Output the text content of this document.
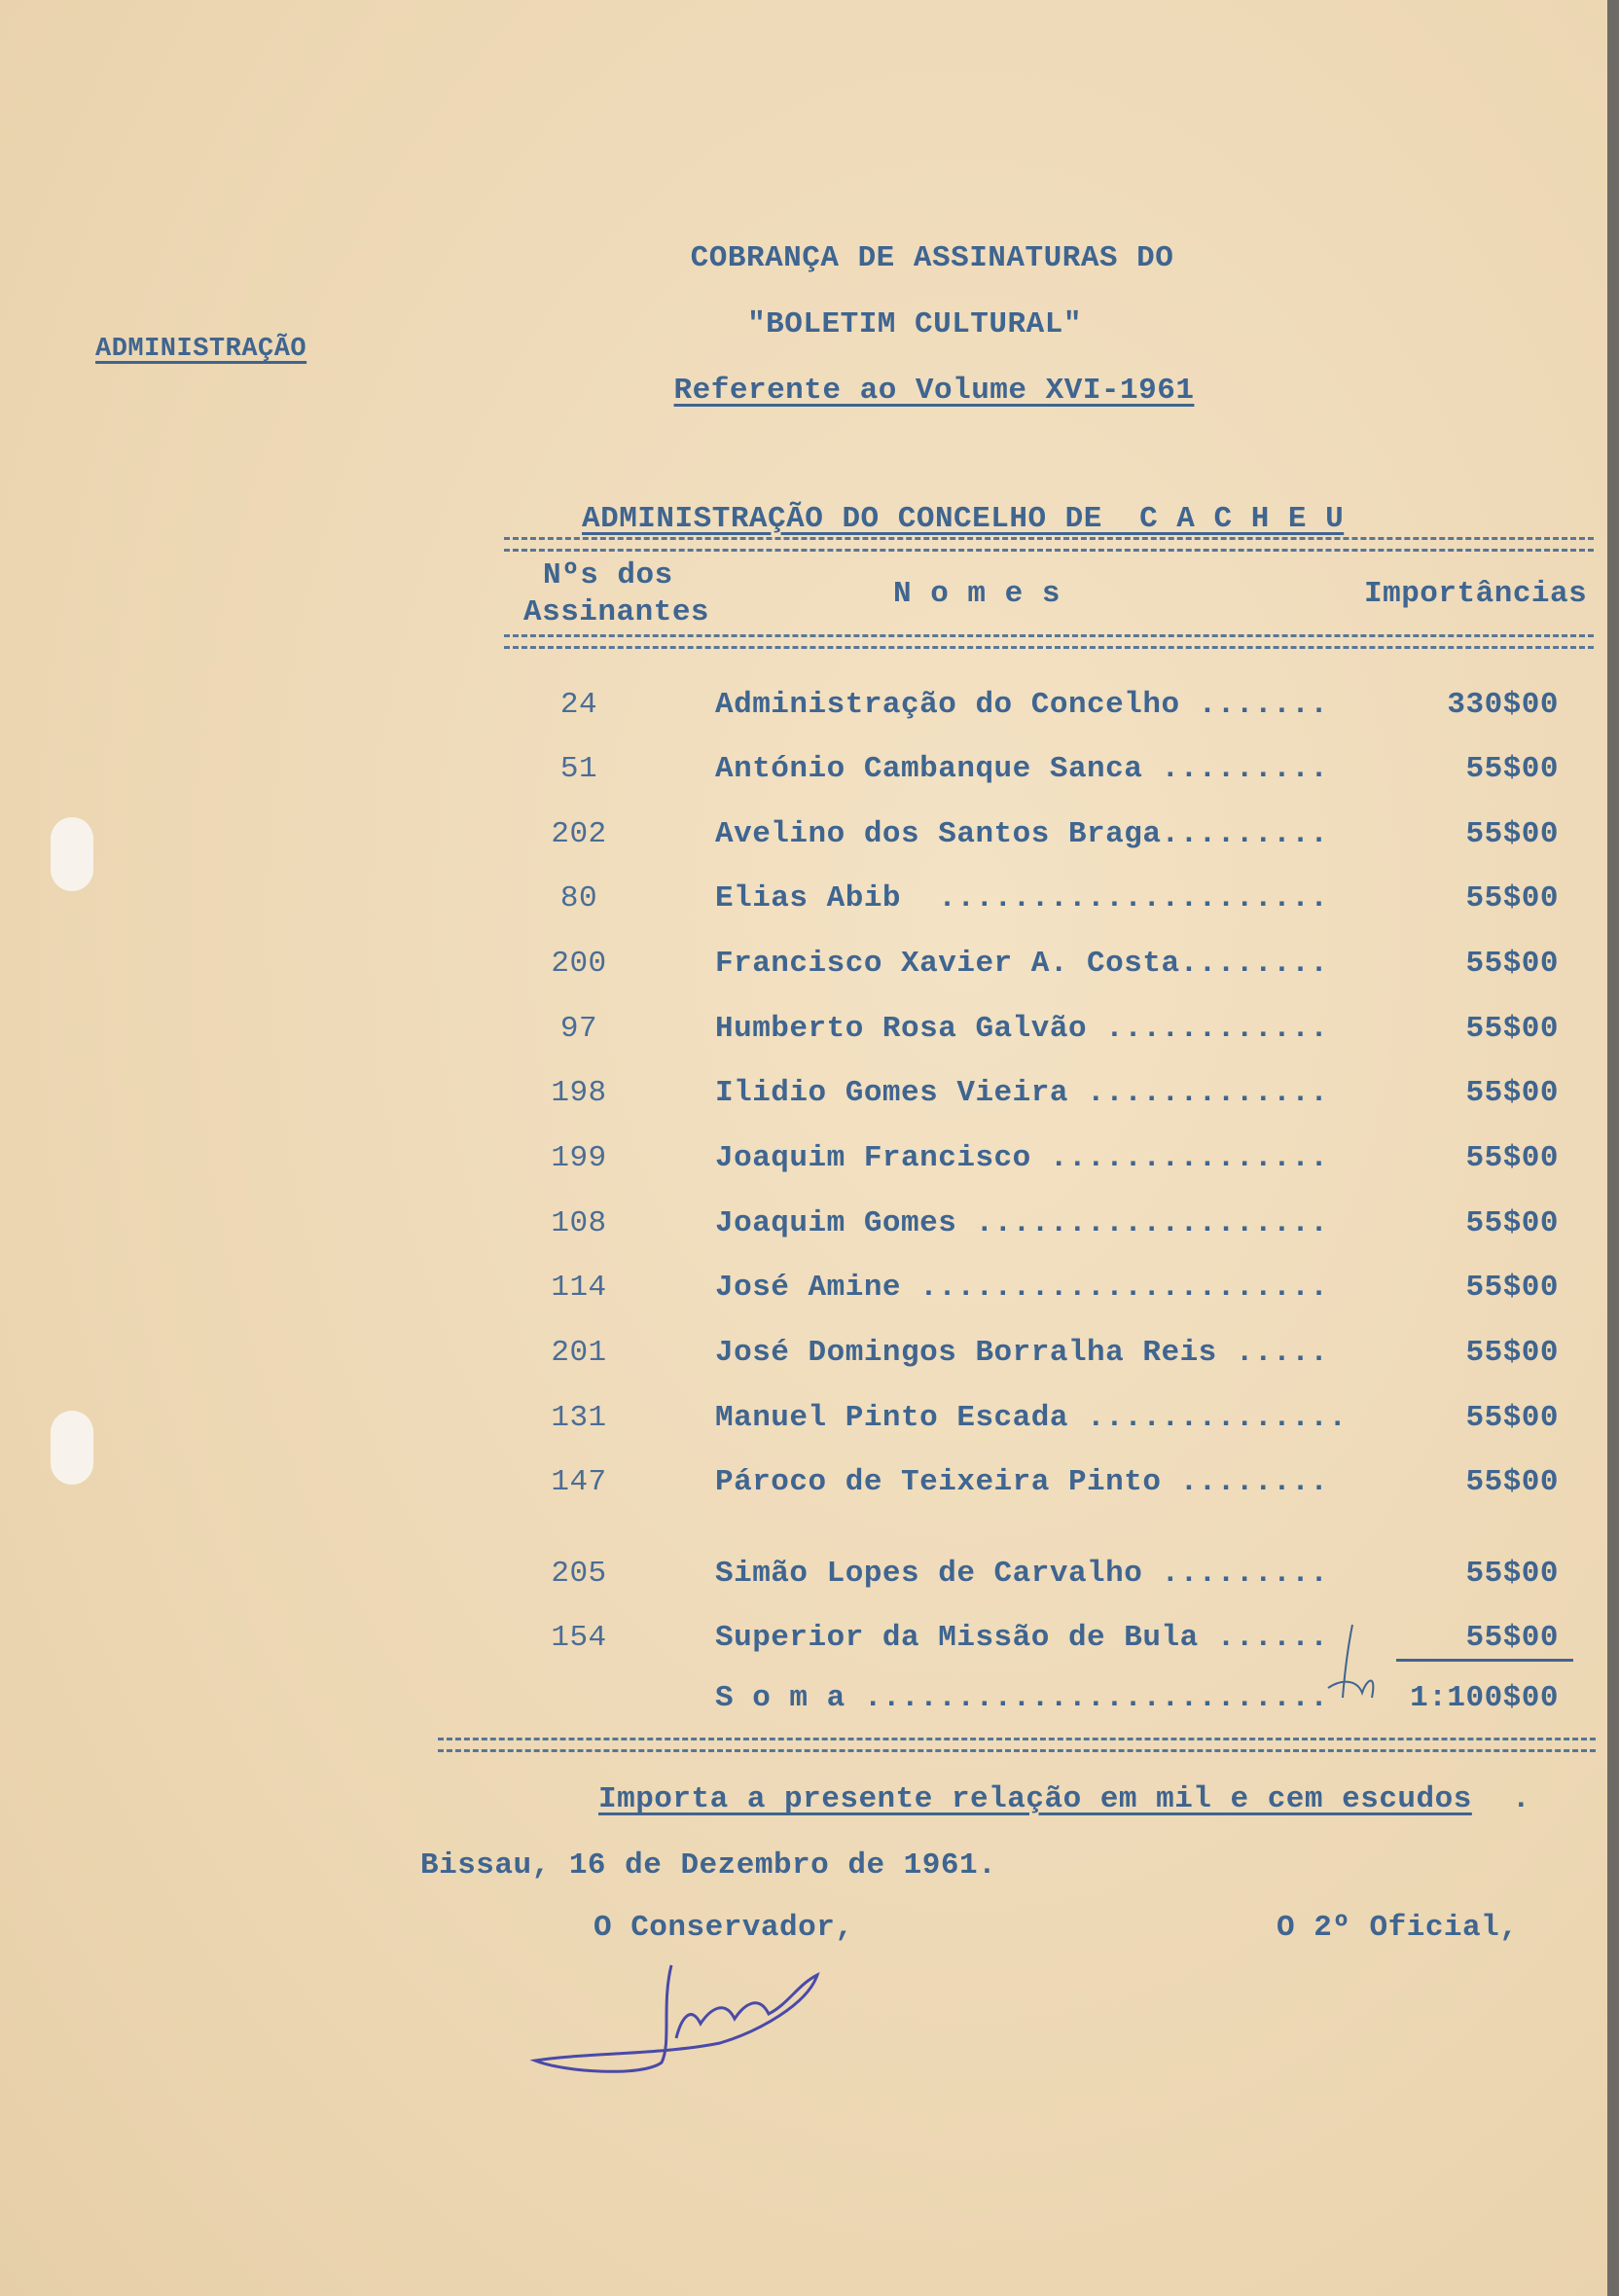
ADMINISTRAÇÃO
COBRANÇA DE ASSINATURAS DO
"BOLETIM CULTURAL"
Referente ao Volume XVI-1961
ADMINISTRAÇÃO DO CONCELHO DE  C A C H E U
Nºs dos
Assinantes
N o m e s	Importâncias
24	Administração do Concelho .......	330$00
51	António Cambanque Sanca .........	55$00
202	Avelino dos Santos Braga.........	55$00
80	Elias Abib  .....................	55$00
200	Francisco Xavier A. Costa........	55$00
97	Humberto Rosa Galvão ............	55$00
198	Ilidio Gomes Vieira .............	55$00
199	Joaquim Francisco ...............	55$00
108	Joaquim Gomes ...................	55$00
114	José Amine ......................	55$00
201	José Domingos Borralha Reis .....	55$00
131	Manuel Pinto Escada ..............	55$00
147	Pároco de Teixeira Pinto ........	55$00
205	Simão Lopes de Carvalho .........	55$00
154	Superior da Missão de Bula ......	55$00
S o m a .........................	1:100$00
Importa a presente relação em mil e cem escudos .
Bissau, 16 de Dezembro de 1961.
O Conservador,	O 2º Oficial,
